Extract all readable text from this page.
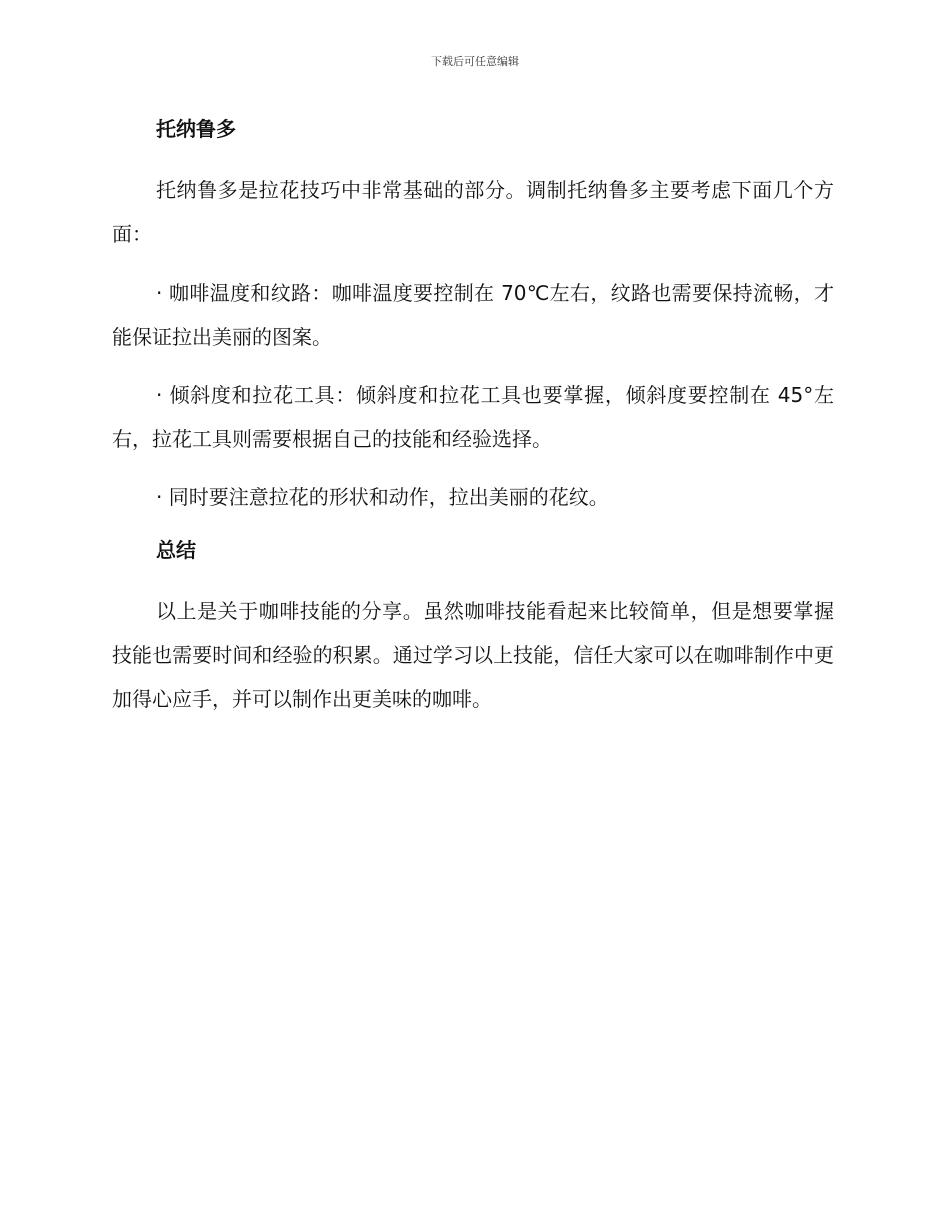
下载后可任意编辑

托纳鲁多

托纳鲁多是拉花技巧中非常基础的部分。调制托纳鲁多主要考虑下面几个方面：

· 咖啡温度和纹路：咖啡温度要控制在 70℃左右，纹路也需要保持流畅，才能保证拉出美丽的图案。

· 倾斜度和拉花工具：倾斜度和拉花工具也要掌握，倾斜度要控制在 45°左右，拉花工具则需要根据自己的技能和经验选择。

· 同时要注意拉花的形状和动作，拉出美丽的花纹。

总结

以上是关于咖啡技能的分享。虽然咖啡技能看起来比较简单，但是想要掌握技能也需要时间和经验的积累。通过学习以上技能，信任大家可以在咖啡制作中更加得心应手，并可以制作出更美味的咖啡。
